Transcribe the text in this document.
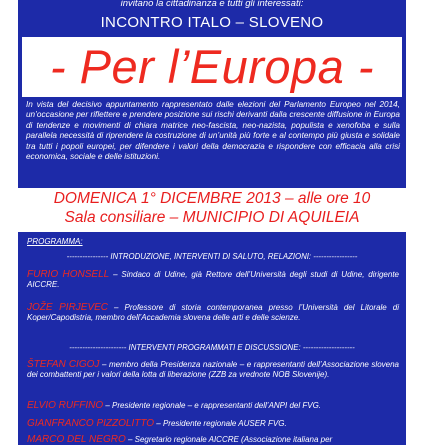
invitano la cittadinanza e tutti gli interessati:
INCONTRO ITALO – SLOVENO
- Per l’Europa -
In vista del decisivo appuntamento rappresentato dalle elezioni del Parlamento Europeo nel 2014, un’occasione per riflettere e prendere posizione sui rischi derivanti dalla crescente diffusione in Europa di tendenze e movimenti di chiara matrice neo-fascista, neo-nazista, populista e xenofoba e sulla parallela necessità di riprendere la costruzione di un’unità più forte e al contempo più giusta e solidale tra tutti i popoli europei, per difendere i valori della democrazia e rispondere con efficacia alla crisi economica, sociale e delle istituzioni.
DOMENICA 1° DICEMBRE 2013 – alle ore 10
Sala consiliare – MUNICIPIO DI AQUILEIA
PROGRAMMA:
---------------- INTRODUZIONE, INTERVENTI DI SALUTO, RELAZIONI: -----------------
FURIO HONSELL – Sindaco di Udine, già Rettore dell’Università degli studi di Udine, dirigente AICCRE.
JOŽE PIRJEVEC – Professore di storia contemporanea presso l’Università del Litorale di Koper/Capodistria, membro dell’Accademia slovena delle arti e delle scienze.
---------------------- INTERVENTI PROGRAMMATI E DISCUSSIONE: --------------------
ŠTEFAN CIGOJ – membro della Presidenza nazionale – e rappresentanti dell’Associazione slovena dei combattenti per i valori della lotta di liberazione (ZZB za vrednote NOB Slovenije).
ELVIO RUFFINO – Presidente regionale – e rappresentanti dell’ANPI del FVG.
GIANFRANCO PIZZOLITTO – Presidente regionale AUSER FVG.
MARCO DEL NEGRO – Segretario regionale AICCRE (Associazione italiana per
